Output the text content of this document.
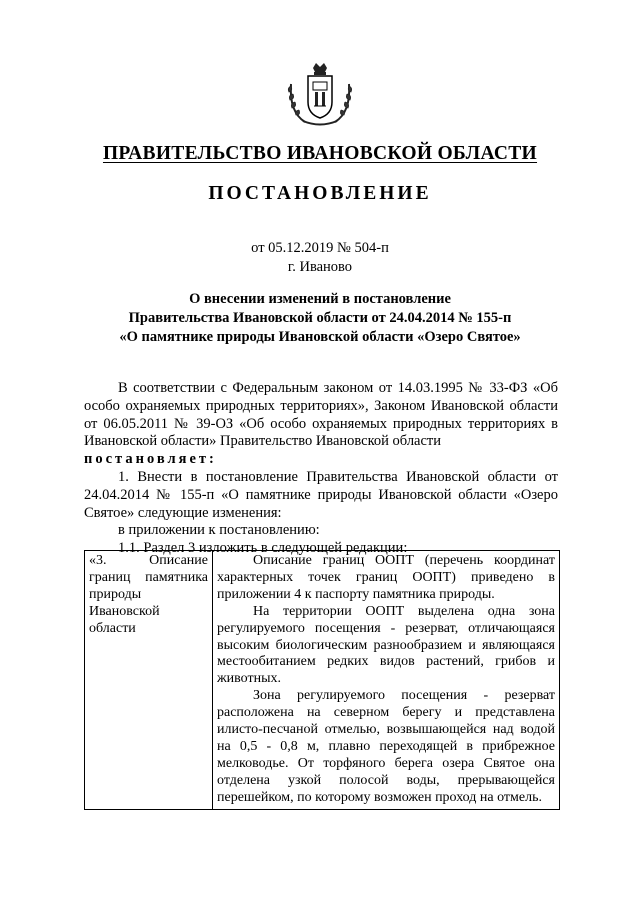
ПРАВИТЕЛЬСТВО ИВАНОВСКОЙ ОБЛАСТИ
ПОСТАНОВЛЕНИЕ
от 05.12.2019 № 504-п
г. Иваново
О внесении изменений в постановление
Правительства Ивановской области от 24.04.2014 № 155-п
«О памятнике природы Ивановской области «Озеро Святое»

В соответствии с Федеральным законом от 14.03.1995 № 33-ФЗ «Об особо охраняемых природных территориях», Законом Ивановской области от 06.05.2011 № 39-ОЗ «Об особо охраняемых природных территориях в Ивановской области» Правительство Ивановской области

постановляет:

1. Внести в постановление Правительства Ивановской области от 24.04.2014 № 155-п «О памятнике природы Ивановской области «Озеро Святое» следующие изменения:

в приложении к постановлению:
1.1. Раздел 3 изложить в следующей редакции:
«3. Описание границ памятника природы Ивановской области

Описание границ ООПТ (перечень координат характерных точек границ ООПТ) приведено в приложении 4 к паспорту памятника природы.

На территории ООПТ выделена одна зона регулируемого посещения - резерват, отличающаяся высоким биологическим разнообразием и являющаяся местообитанием редких видов растений, грибов и животных.

Зона регулируемого посещения - резерват расположена на северном берегу и представлена илисто-песчаной отмелью, возвышающейся над водой на 0,5 - 0,8 м, плавно переходящей в прибрежное мелководье. От торфяного берега озера Святое она отделена узкой полосой воды, прерывающейся перешейком, по которому возможен проход на отмель.
